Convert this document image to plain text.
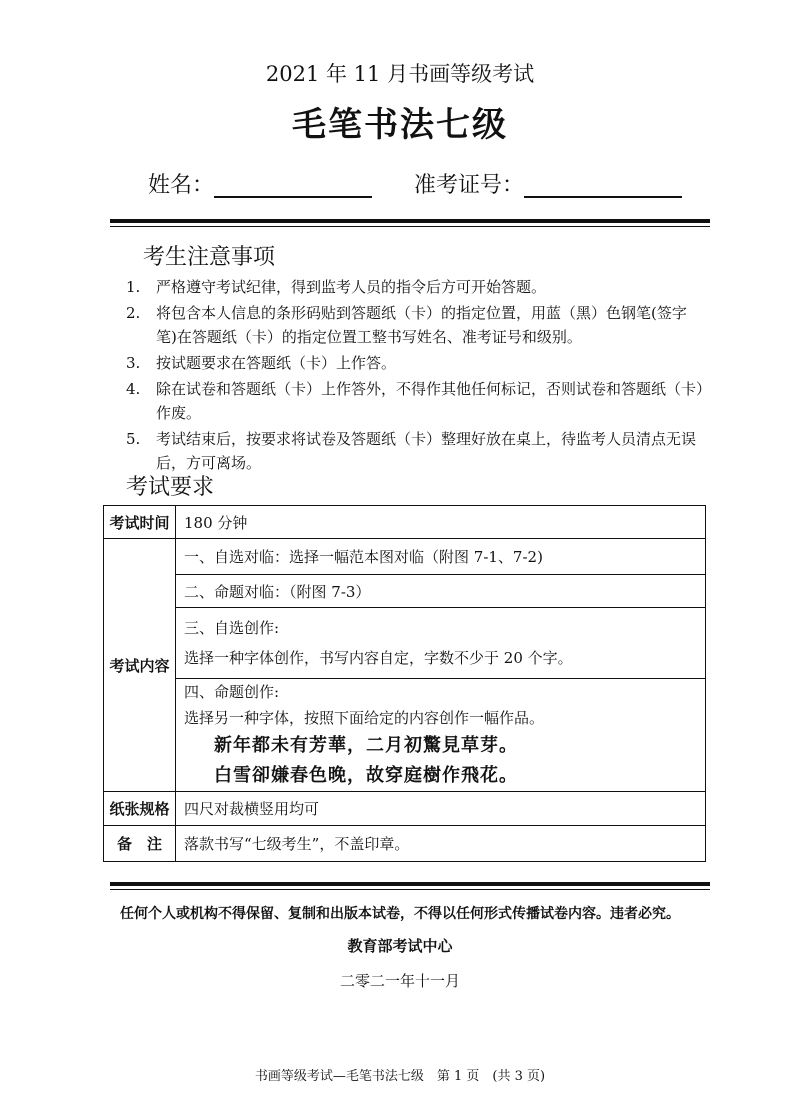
2021 年 11 月书画等级考试
毛笔书法七级
姓名：	准考证号：
考生注意事项
1. 严格遵守考试纪律，得到监考人员的指令后方可开始答题。
2. 将包含本人信息的条形码贴到答题纸（卡）的指定位置，用蓝（黑）色钢笔(签字
笔)在答题纸（卡）的指定位置工整书写姓名、准考证号和级别。
3. 按试题要求在答题纸（卡）上作答。
4. 除在试卷和答题纸（卡）上作答外，不得作其他任何标记，否则试卷和答题纸（卡）
作废。
5. 考试结束后，按要求将试卷及答题纸（卡）整理好放在桌上，待监考人员清点无误
后，方可离场。
考试要求
考试时间	180 分钟
考试内容	一、自选对临：选择一幅范本图对临（附图 7-1、7-2)
	二、命题对临：（附图 7-3）

	三、自选创作:
选择一种字体创作，书写内容自定，字数不少于 20 个字。

	四、命题创作:
选择另一种字体，按照下面给定的内容创作一幅作品。
新年都未有芳華，二月初驚見草芽。
白雪卻嫌春色晚，故穿庭樹作飛花。

纸张规格	四尺对裁横竖用均可
备　注	落款书写“七级考生”，不盖印章。
任何个人或机构不得保留、复制和出版本试卷，不得以任何形式传播试卷内容。违者必究。
教育部考试中心
二零二一年十一月
书画等级考试—毛笔书法七级　第 1 页　(共 3 页)
